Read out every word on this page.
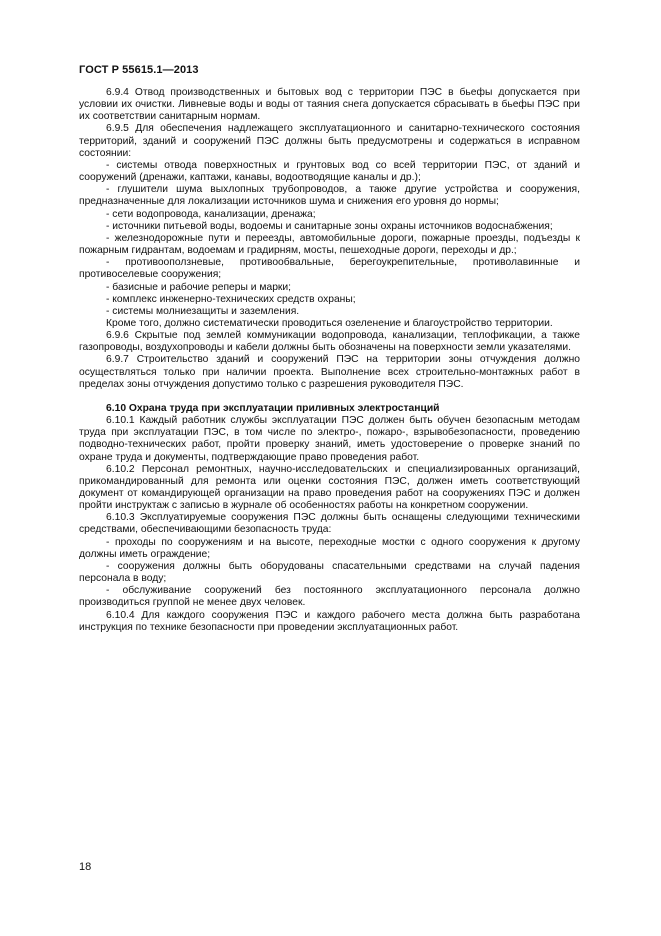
ГОСТ Р 55615.1—2013

6.9.4 Отвод производственных и бытовых вод с территории ПЭС в бьефы допускается при условии их очистки. Ливневые воды и воды от таяния снега допускается сбрасывать в бьефы ПЭС при их соответствии санитарным нормам.

6.9.5 Для обеспечения надлежащего эксплуатационного и санитарно-технического состояния территорий, зданий и сооружений ПЭС должны быть предусмотрены и содержаться в исправном состоянии:

- системы отвода поверхностных и грунтовых вод со всей территории ПЭС, от зданий и сооружений (дренажи, каптажи, канавы, водоотводящие каналы и др.);

- глушители шума выхлопных трубопроводов, а также другие устройства и сооружения, предназначенные для локализации источников шума и снижения его уровня до нормы;

- сети водопровода, канализации, дренажа;

- источники питьевой воды, водоемы и санитарные зоны охраны источников водоснабжения;

- железнодорожные пути и переезды, автомобильные дороги, пожарные проезды, подъезды к пожарным гидрантам, водоемам и градирням, мосты, пешеходные дороги, переходы и др.;

- противооползневые, противообвальные, берегоукрепительные, противолавинные и противоселевые сооружения;

- базисные и рабочие реперы и марки;

- комплекс инженерно-технических средств охраны;

- системы молниезащиты и заземления.

Кроме того, должно систематически проводиться озеленение и благоустройство территории.

6.9.6 Скрытые под землей коммуникации водопровода, канализации, теплофикации, а также газопроводы, воздухопроводы и кабели должны быть обозначены на поверхности земли указателями.

6.9.7 Строительство зданий и сооружений ПЭС на территории зоны отчуждения должно осуществляться только при наличии проекта. Выполнение всех строительно-монтажных работ в пределах зоны отчуждения допустимо только с разрешения руководителя ПЭС.

6.10 Охрана труда при эксплуатации приливных электростанций

6.10.1 Каждый работник службы эксплуатации ПЭС должен быть обучен безопасным методам труда при эксплуатации ПЭС, в том числе по электро-, пожаро-, взрывобезопасности, проведению подводно-технических работ, пройти проверку знаний, иметь удостоверение о проверке знаний по охране труда и документы, подтверждающие право проведения работ.

6.10.2 Персонал ремонтных, научно-исследовательских и специализированных организаций, прикомандированный для ремонта или оценки состояния ПЭС, должен иметь соответствующий документ от командирующей организации на право проведения работ на сооружениях ПЭС и должен пройти инструктаж с записью в журнале об особенностях работы на конкретном сооружении.

6.10.3 Эксплуатируемые сооружения ПЭС должны быть оснащены следующими техническими средствами, обеспечивающими безопасность труда:

- проходы по сооружениям и на высоте, переходные мостки с одного сооружения к другому должны иметь ограждение;

- сооружения должны быть оборудованы спасательными средствами на случай падения персонала в воду;

- обслуживание сооружений без постоянного эксплуатационного персонала должно производиться группой не менее двух человек.

6.10.4 Для каждого сооружения ПЭС и каждого рабочего места должна быть разработана инструкция по технике безопасности при проведении эксплуатационных работ.

18
